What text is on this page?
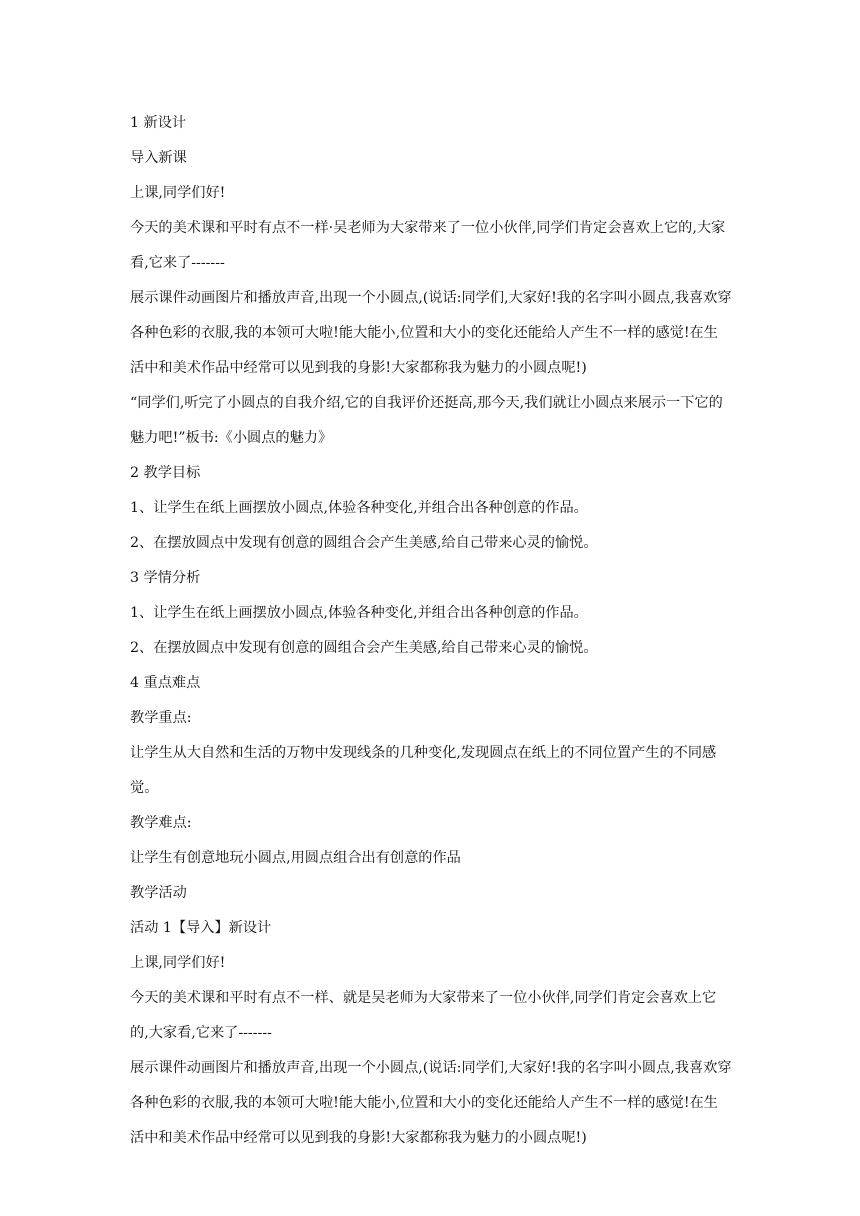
1 新设计

导入新课

上课,同学们好!

今天的美术课和平时有点不一样·吴老师为大家带来了一位小伙伴,同学们肯定会喜欢上它的,大家看,它来了-------

展示课件动画图片和播放声音,出现一个小圆点,(说话:同学们,大家好!我的名字叫小圆点,我喜欢穿各种色彩的衣服,我的本领可大啦!能大能小,位置和大小的变化还能给人产生不一样的感觉!在生活中和美术作品中经常可以见到我的身影!大家都称我为魅力的小圆点呢!)

“同学们,听完了小圆点的自我介绍,它的自我评价还挺高,那今天,我们就让小圆点来展示一下它的魅力吧!”板书:《小圆点的魅力》

2 教学目标

1、让学生在纸上画摆放小圆点,体验各种变化,并组合出各种创意的作品。

2、在摆放圆点中发现有创意的圆组合会产生美感,给自己带来心灵的愉悦。

3 学情分析

1、让学生在纸上画摆放小圆点,体验各种变化,并组合出各种创意的作品。

2、在摆放圆点中发现有创意的圆组合会产生美感,给自己带来心灵的愉悦。

4 重点难点

教学重点:

让学生从大自然和生活的万物中发现线条的几种变化,发现圆点在纸上的不同位置产生的不同感觉。

教学难点:

让学生有创意地玩小圆点,用圆点组合出有创意的作品

教学活动

活动 1【导入】新设计

上课,同学们好!

今天的美术课和平时有点不一样、就是吴老师为大家带来了一位小伙伴,同学们肯定会喜欢上它的,大家看,它来了-------

展示课件动画图片和播放声音,出现一个小圆点,(说话:同学们,大家好!我的名字叫小圆点,我喜欢穿各种色彩的衣服,我的本领可大啦!能大能小,位置和大小的变化还能给人产生不一样的感觉!在生活中和美术作品中经常可以见到我的身影!大家都称我为魅力的小圆点呢!)
